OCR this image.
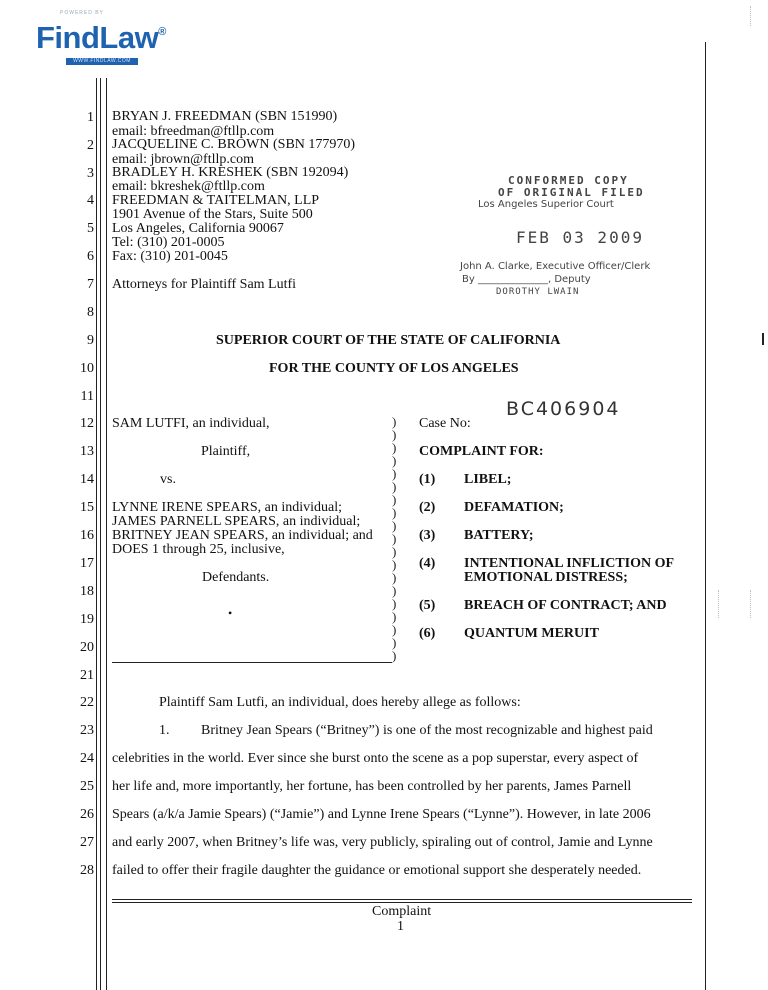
POWERED BY
FindLaw®
WWW.FINDLAW.COM
1
2
3
4
5
6
7
8
9
10
11
12
13
14
15
16
17
18
19
20
21
22
23
24
25
26
27
28
BRYAN J. FREEDMAN (SBN 151990)
email: bfreedman@ftllp.com
JACQUELINE C. BROWN (SBN 177970)
email: jbrown@ftllp.com
BRADLEY H. KRESHEK (SBN 192094)
email: bkreshek@ftllp.com
FREEDMAN & TAITELMAN, LLP
1901 Avenue of the Stars, Suite 500
Los Angeles, California 90067
Tel: (310) 201-0005
Fax: (310) 201-0045
Attorneys for Plaintiff Sam Lutfi
CONFORMED COPY
OF ORIGINAL FILED
Los Angeles Superior Court
FEB 03 2009
John A. Clarke, Executive Officer/Clerk
By ______________, Deputy
DOROTHY LWAIN
SUPERIOR COURT OF THE STATE OF CALIFORNIA
FOR THE COUNTY OF LOS ANGELES
SAM LUTFI, an individual,
Plaintiff,
vs.
LYNNE IRENE SPEARS, an individual;
JAMES PARNELL SPEARS, an individual;
BRITNEY JEAN SPEARS, an individual; and
DOES 1 through 25, inclusive,
Defendants.
•
)
)
)
)
)
)
)
)
)
)
)
)
)
)
)
)
)
)
)
Case No:
BC406904
COMPLAINT FOR:
(1) LIBEL;
(2) DEFAMATION;
(3) BATTERY;
(4) INTENTIONAL INFLICTION OF
EMOTIONAL DISTRESS;
(5) BREACH OF CONTRACT; AND
(6) QUANTUM MERUIT
Plaintiff Sam Lutfi, an individual, does hereby allege as follows:
1. Britney Jean Spears (“Britney”) is one of the most recognizable and highest paid
celebrities in the world. Ever since she burst onto the scene as a pop superstar, every aspect of
her life and, more importantly, her fortune, has been controlled by her parents, James Parnell
Spears (a/k/a Jamie Spears) (“Jamie”) and Lynne Irene Spears (“Lynne”). However, in late 2006
and early 2007, when Britney’s life was, very publicly, spiraling out of control, Jamie and Lynne
failed to offer their fragile daughter the guidance or emotional support she desperately needed.
Complaint
1
